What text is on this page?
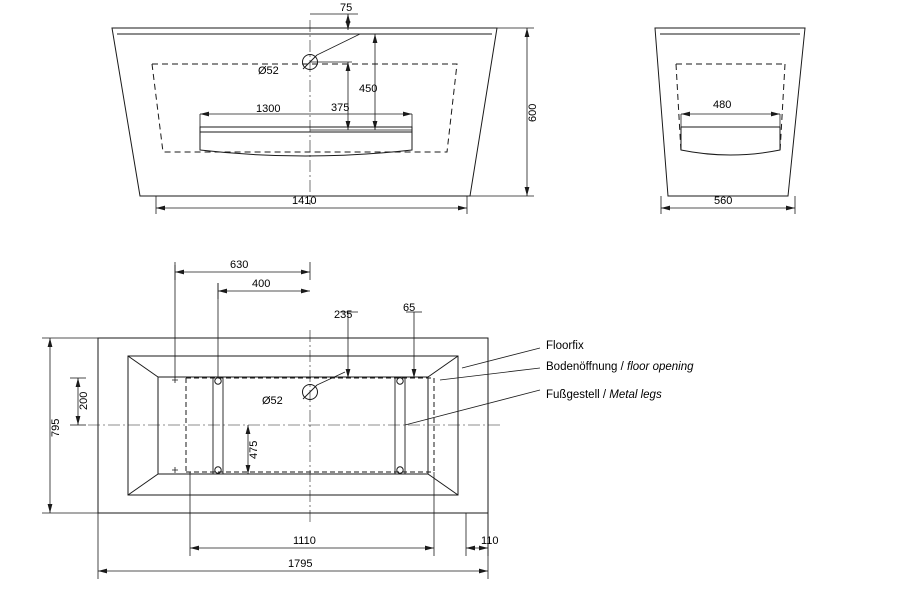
75
1300	375
450
600
1410
Ø52
480
560
630
400
235
65
200
795
475
1110	110
1795
Ø52
Floorfix
Bodenöffnung / floor opening
Fußgestell / Metal legs
